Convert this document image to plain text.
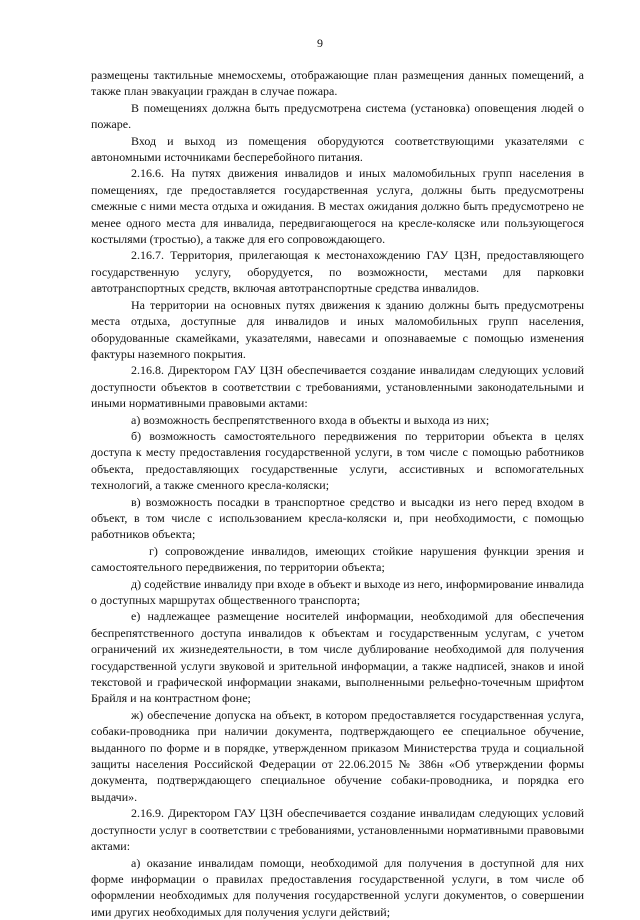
9

размещены тактильные мнемосхемы, отображающие план размещения данных помещений, а также план эвакуации граждан в случае пожара.

В помещениях должна быть предусмотрена система (установка) оповещения людей о пожаре.

Вход и выход из помещения оборудуются соответствующими указателями с автономными источниками бесперебойного питания.

2.16.6. На путях движения инвалидов и иных маломобильных групп населения в помещениях, где предоставляется государственная услуга, должны быть предусмотрены смежные с ними места отдыха и ожидания. В местах ожидания должно быть предусмотрено не менее одного места для инвалида, передвигающегося на кресле-коляске или пользующегося костылями (тростью), а также для его сопровождающего.

2.16.7. Территория, прилегающая к местонахождению ГАУ ЦЗН, предоставляющего государственную услугу, оборудуется, по возможности, местами для парковки автотранспортных средств, включая автотранспортные средства инвалидов.

На территории на основных путях движения к зданию должны быть предусмотрены места отдыха, доступные для инвалидов и иных маломобильных групп населения, оборудованные скамейками, указателями, навесами и опознаваемые с помощью изменения фактуры наземного покрытия.

2.16.8. Директором ГАУ ЦЗН обеспечивается создание инвалидам следующих условий доступности объектов в соответствии с требованиями, установленными законодательными и иными нормативными правовыми актами:

а) возможность беспрепятственного входа в объекты и выхода из них;

б) возможность самостоятельного передвижения по территории объекта в целях доступа к месту предоставления государственной услуги, в том числе с помощью работников объекта, предоставляющих государственные услуги, ассистивных и вспомогательных технологий, а также сменного кресла-коляски;

в) возможность посадки в транспортное средство и высадки из него перед входом в объект, в том числе с использованием кресла-коляски и, при необходимости, с помощью работников объекта;

г) сопровождение инвалидов, имеющих стойкие нарушения функции зрения и самостоятельного передвижения, по территории объекта;

д) содействие инвалиду при входе в объект и выходе из него, информирование инвалида о доступных маршрутах общественного транспорта;

е) надлежащее размещение носителей информации, необходимой для обеспечения беспрепятственного доступа инвалидов к объектам и государственным услугам, с учетом ограничений их жизнедеятельности, в том числе дублирование необходимой для получения государственной услуги звуковой и зрительной информации, а также надписей, знаков и иной текстовой и графической информации знаками, выполненными рельефно-точечным шрифтом Брайля и на контрастном фоне;

ж) обеспечение допуска на объект, в котором предоставляется государственная услуга, собаки-проводника при наличии документа, подтверждающего ее специальное обучение, выданного по форме и в порядке, утвержденном приказом Министерства труда и социальной защиты населения Российской Федерации от 22.06.2015 № 386н «Об утверждении формы документа, подтверждающего специальное обучение собаки-проводника, и порядка его выдачи».

2.16.9. Директором ГАУ ЦЗН обеспечивается создание инвалидам следующих условий доступности услуг в соответствии с требованиями, установленными нормативными правовыми актами:

а) оказание инвалидам помощи, необходимой для получения в доступной для них форме информации о правилах предоставления государственной услуги, в том числе об оформлении необходимых для получения государственной услуги документов, о совершении ими других необходимых для получения услуги действий;
